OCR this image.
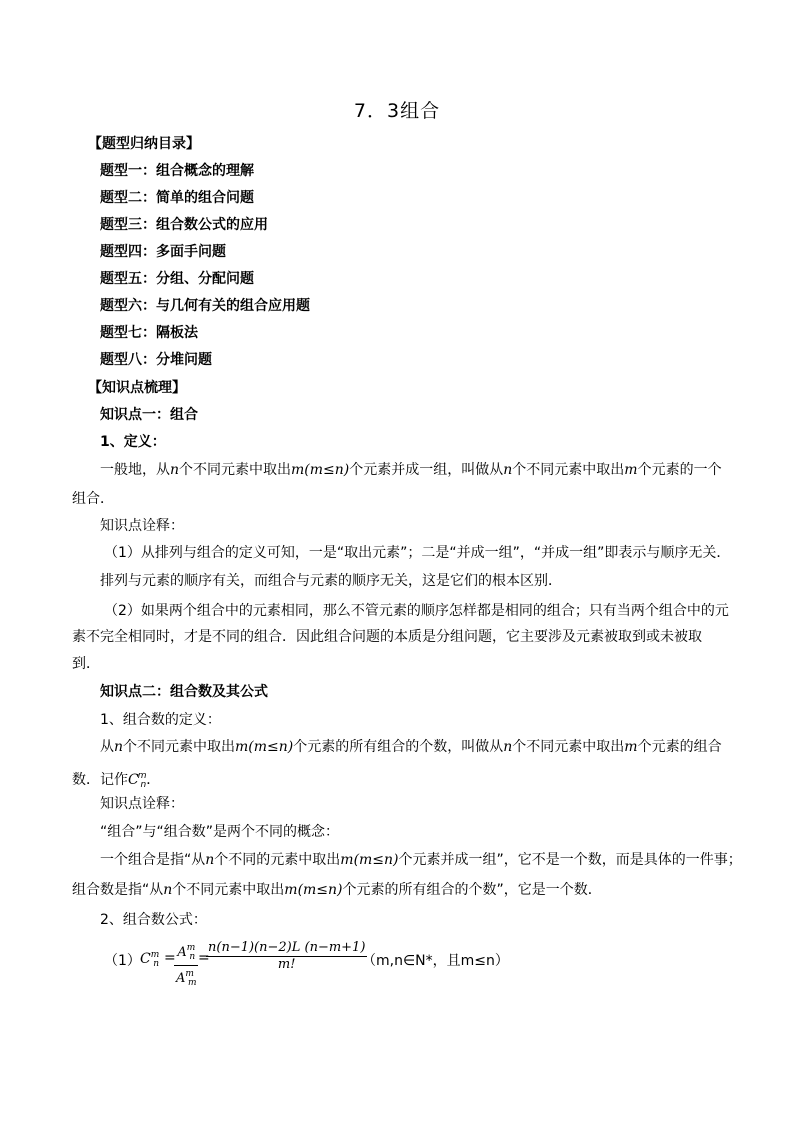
7．3组合
【题型归纳目录】
题型一：组合概念的理解
题型二：简单的组合问题
题型三：组合数公式的应用
题型四：多面手问题
题型五：分组、分配问题
题型六：与几何有关的组合应用题
题型七：隔板法
题型八：分堆问题
【知识点梳理】
知识点一：组合
1、定义：
一般地，从n个不同元素中取出m(m≤n)个元素并成一组，叫做从n个不同元素中取出m个元素的一个
组合．
知识点诠释：
（1）从排列与组合的定义可知，一是“取出元素”；二是“并成一组”，“并成一组”即表示与顺序无关．
排列与元素的顺序有关，而组合与元素的顺序无关，这是它们的根本区别．
（2）如果两个组合中的元素相同，那么不管元素的顺序怎样都是相同的组合；只有当两个组合中的元
素不完全相同时，才是不同的组合．因此组合问题的本质是分组问题，它主要涉及元素被取到或未被取
到．
知识点二：组合数及其公式
1、组合数的定义：
从n个不同元素中取出m(m≤n)个元素的所有组合的个数，叫做从n个不同元素中取出m个元素的组合
数．记作$C^m_n$．
知识点诠释：
“组合”与“组合数”是两个不同的概念：
一个组合是指“从n个不同的元素中取出m(m≤n)个元素并成一组”，它不是一个数，而是具体的一件事；
组合数是指“从n个不同元素中取出m(m≤n)个元素的所有组合的个数”，它是一个数．
2、组合数公式：
（1） $C^m_n = A^m_n$
$A^m_m$
=
n(n−1)(n−2)L (n−m+1)
m!	（m,n∈N*，且m≤n）
